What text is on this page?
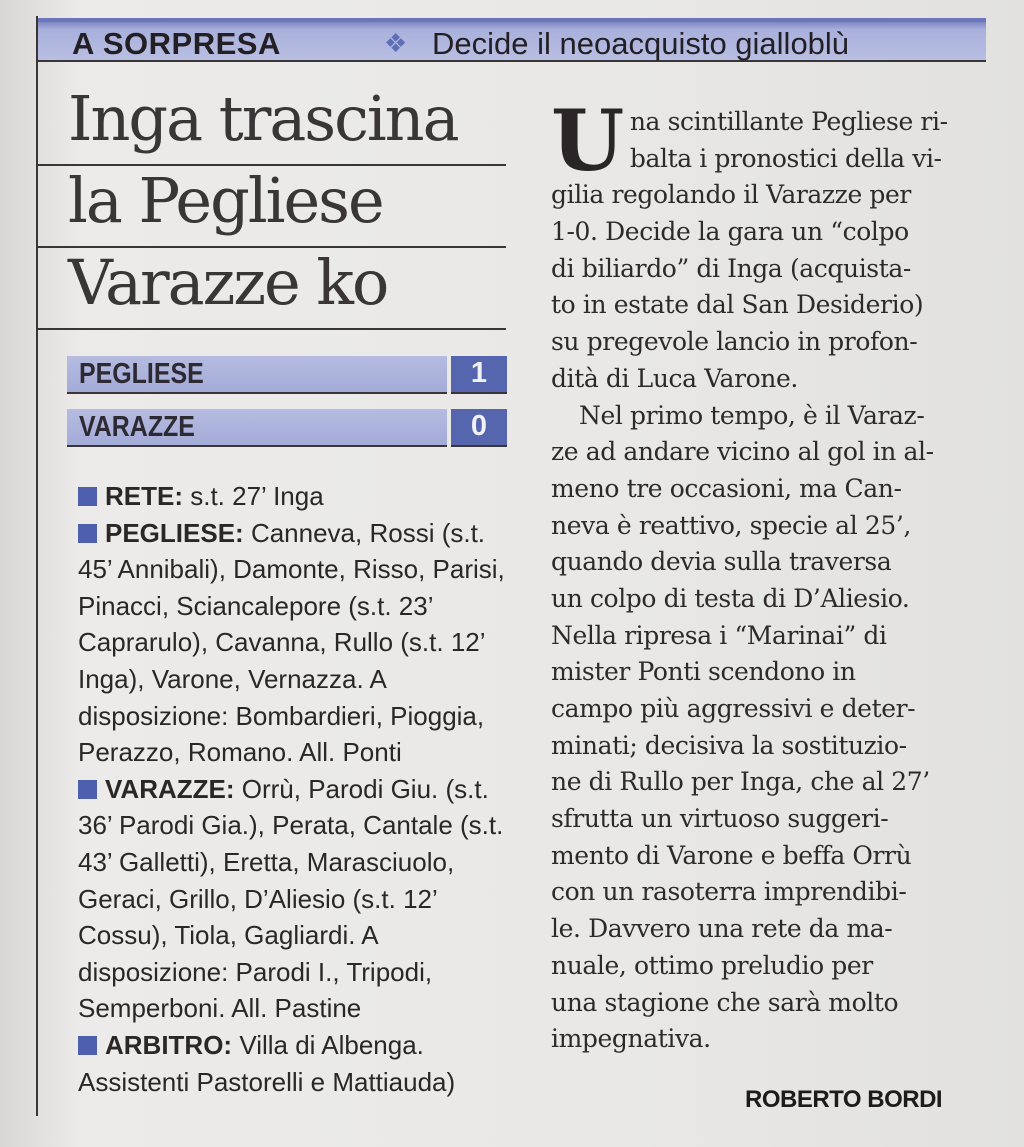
A SORPRESA	❖ Decide il neoacquisto gialloblù
Inga trascina
la Pegliese
Varazze ko
PEGLIESE	1
VARAZZE	0

RETE: s.t. 27’ Inga

PEGLIESE: Canneva, Rossi (s.t. 45’ Annibali), Damonte, Risso, Parisi, Pinacci, Sciancalepore (s.t. 23’ Caprarulo), Cavanna, Rullo (s.t. 12’ Inga), Varone, Vernazza. A disposizione: Bombardieri, Pioggia, Perazzo, Romano. All. Ponti

VARAZZE: Orrù, Parodi Giu. (s.t. 36’ Parodi Gia.), Perata, Cantale (s.t. 43’ Galletti), Eretta, Marasciuolo, Geraci, Grillo, D’Aliesio (s.t. 12’ Cossu), Tiola, Gagliardi. A disposizione: Parodi I., Tripodi, Semperboni. All. Pastine

ARBITRO: Villa di Albenga. Assistenti Pastorelli e Mattiauda)

U na scintillante Pegliese ri-
balta i pronostici della vi-
gilia regolando il Varazze per
1-0. Decide la gara un “colpo
di biliardo” di Inga (acquista-
to in estate dal San Desiderio)
su pregevole lancio in profon-
dità di Luca Varone.
Nel primo tempo, è il Varaz-
ze ad andare vicino al gol in al-
meno tre occasioni, ma Can-
neva è reattivo, specie al 25’,
quando devia sulla traversa
un colpo di testa di D’Aliesio.
Nella ripresa i “Marinai” di
mister Ponti scendono in
campo più aggressivi e deter-
minati; decisiva la sostituzio-
ne di Rullo per Inga, che al 27’
sfrutta un virtuoso suggeri-
mento di Varone e beffa Orrù
con un rasoterra imprendibi-
le. Davvero una rete da ma-
nuale, ottimo preludio per
una stagione che sarà molto
impegnativa.
ROBERTO BORDI
